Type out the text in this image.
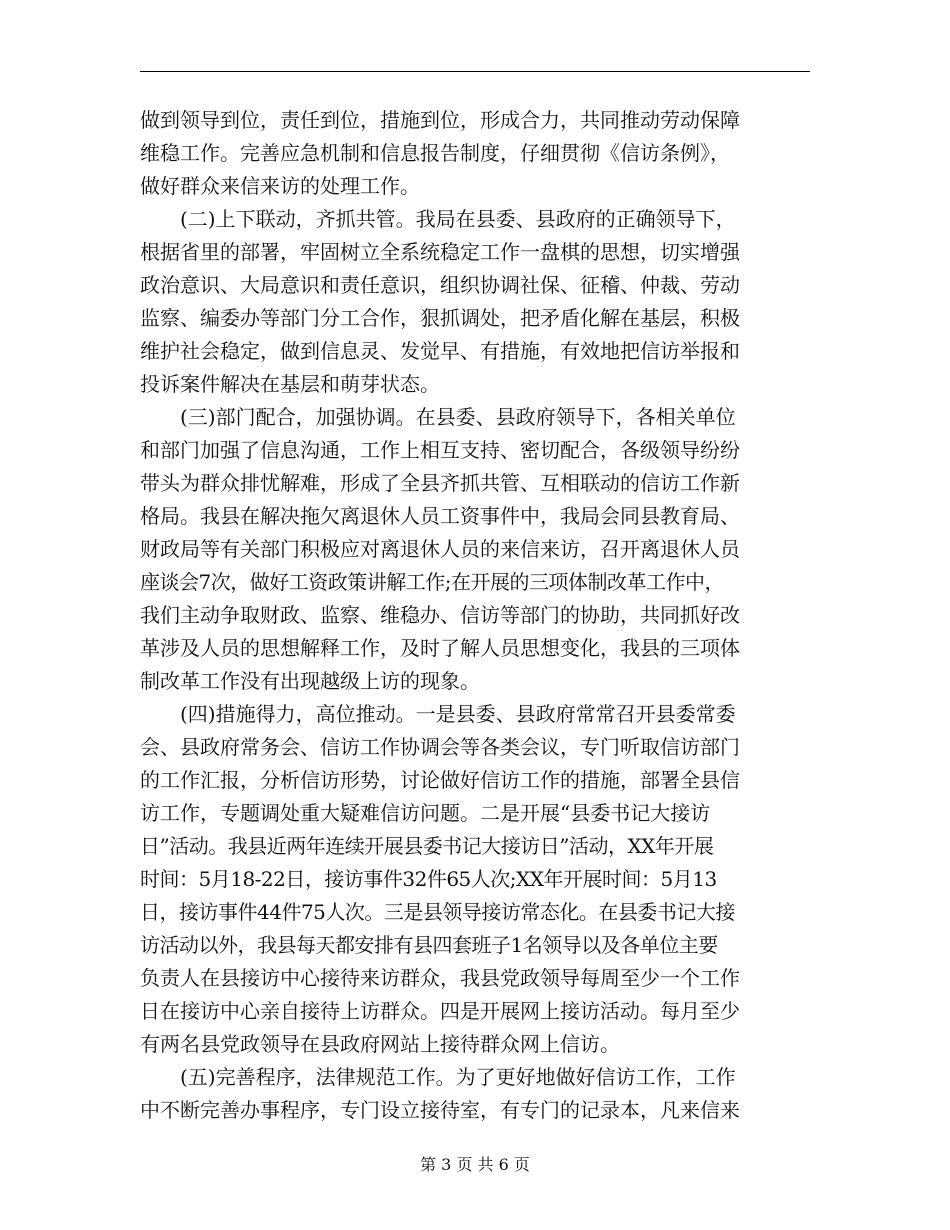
做到领导到位，责任到位，措施到位，形成合力，共同推动劳动保障
维稳工作。完善应急机制和信息报告制度，仔细贯彻《信访条例》，
做好群众来信来访的处理工作。
(二)上下联动，齐抓共管。我局在县委、县政府的正确领导下，
根据省里的部署，牢固树立全系统稳定工作一盘棋的思想，切实增强
政治意识、大局意识和责任意识，组织协调社保、征稽、仲裁、劳动
监察、编委办等部门分工合作，狠抓调处，把矛盾化解在基层，积极
维护社会稳定，做到信息灵、发觉早、有措施，有效地把信访举报和
投诉案件解决在基层和萌芽状态。
(三)部门配合，加强协调。在县委、县政府领导下，各相关单位
和部门加强了信息沟通，工作上相互支持、密切配合，各级领导纷纷
带头为群众排忧解难，形成了全县齐抓共管、互相联动的信访工作新
格局。我县在解决拖欠离退休人员工资事件中，我局会同县教育局、
财政局等有关部门积极应对离退休人员的来信来访，召开离退休人员
座谈会7次，做好工资政策讲解工作;在开展的三项体制改革工作中，
我们主动争取财政、监察、维稳办、信访等部门的协助，共同抓好改
革涉及人员的思想解释工作，及时了解人员思想变化，我县的三项体
制改革工作没有出现越级上访的现象。
(四)措施得力，高位推动。一是县委、县政府常常召开县委常委
会、县政府常务会、信访工作协调会等各类会议，专门听取信访部门
的工作汇报，分析信访形势，讨论做好信访工作的措施，部署全县信
访工作，专题调处重大疑难信访问题。二是开展“县委书记大接访
日”活动。我县近两年连续开展县委书记大接访日”活动，XX年开展
时间：5月18-22日，接访事件32件65人次;XX年开展时间：5月13
日，接访事件44件75人次。三是县领导接访常态化。在县委书记大接
访活动以外，我县每天都安排有县四套班子1名领导以及各单位主要
负责人在县接访中心接待来访群众，我县党政领导每周至少一个工作
日在接访中心亲自接待上访群众。四是开展网上接访活动。每月至少
有两名县党政领导在县政府网站上接待群众网上信访。
(五)完善程序，法律规范工作。为了更好地做好信访工作，工作
中不断完善办事程序，专门设立接待室，有专门的记录本，凡来信来
第 3 页 共 6 页
